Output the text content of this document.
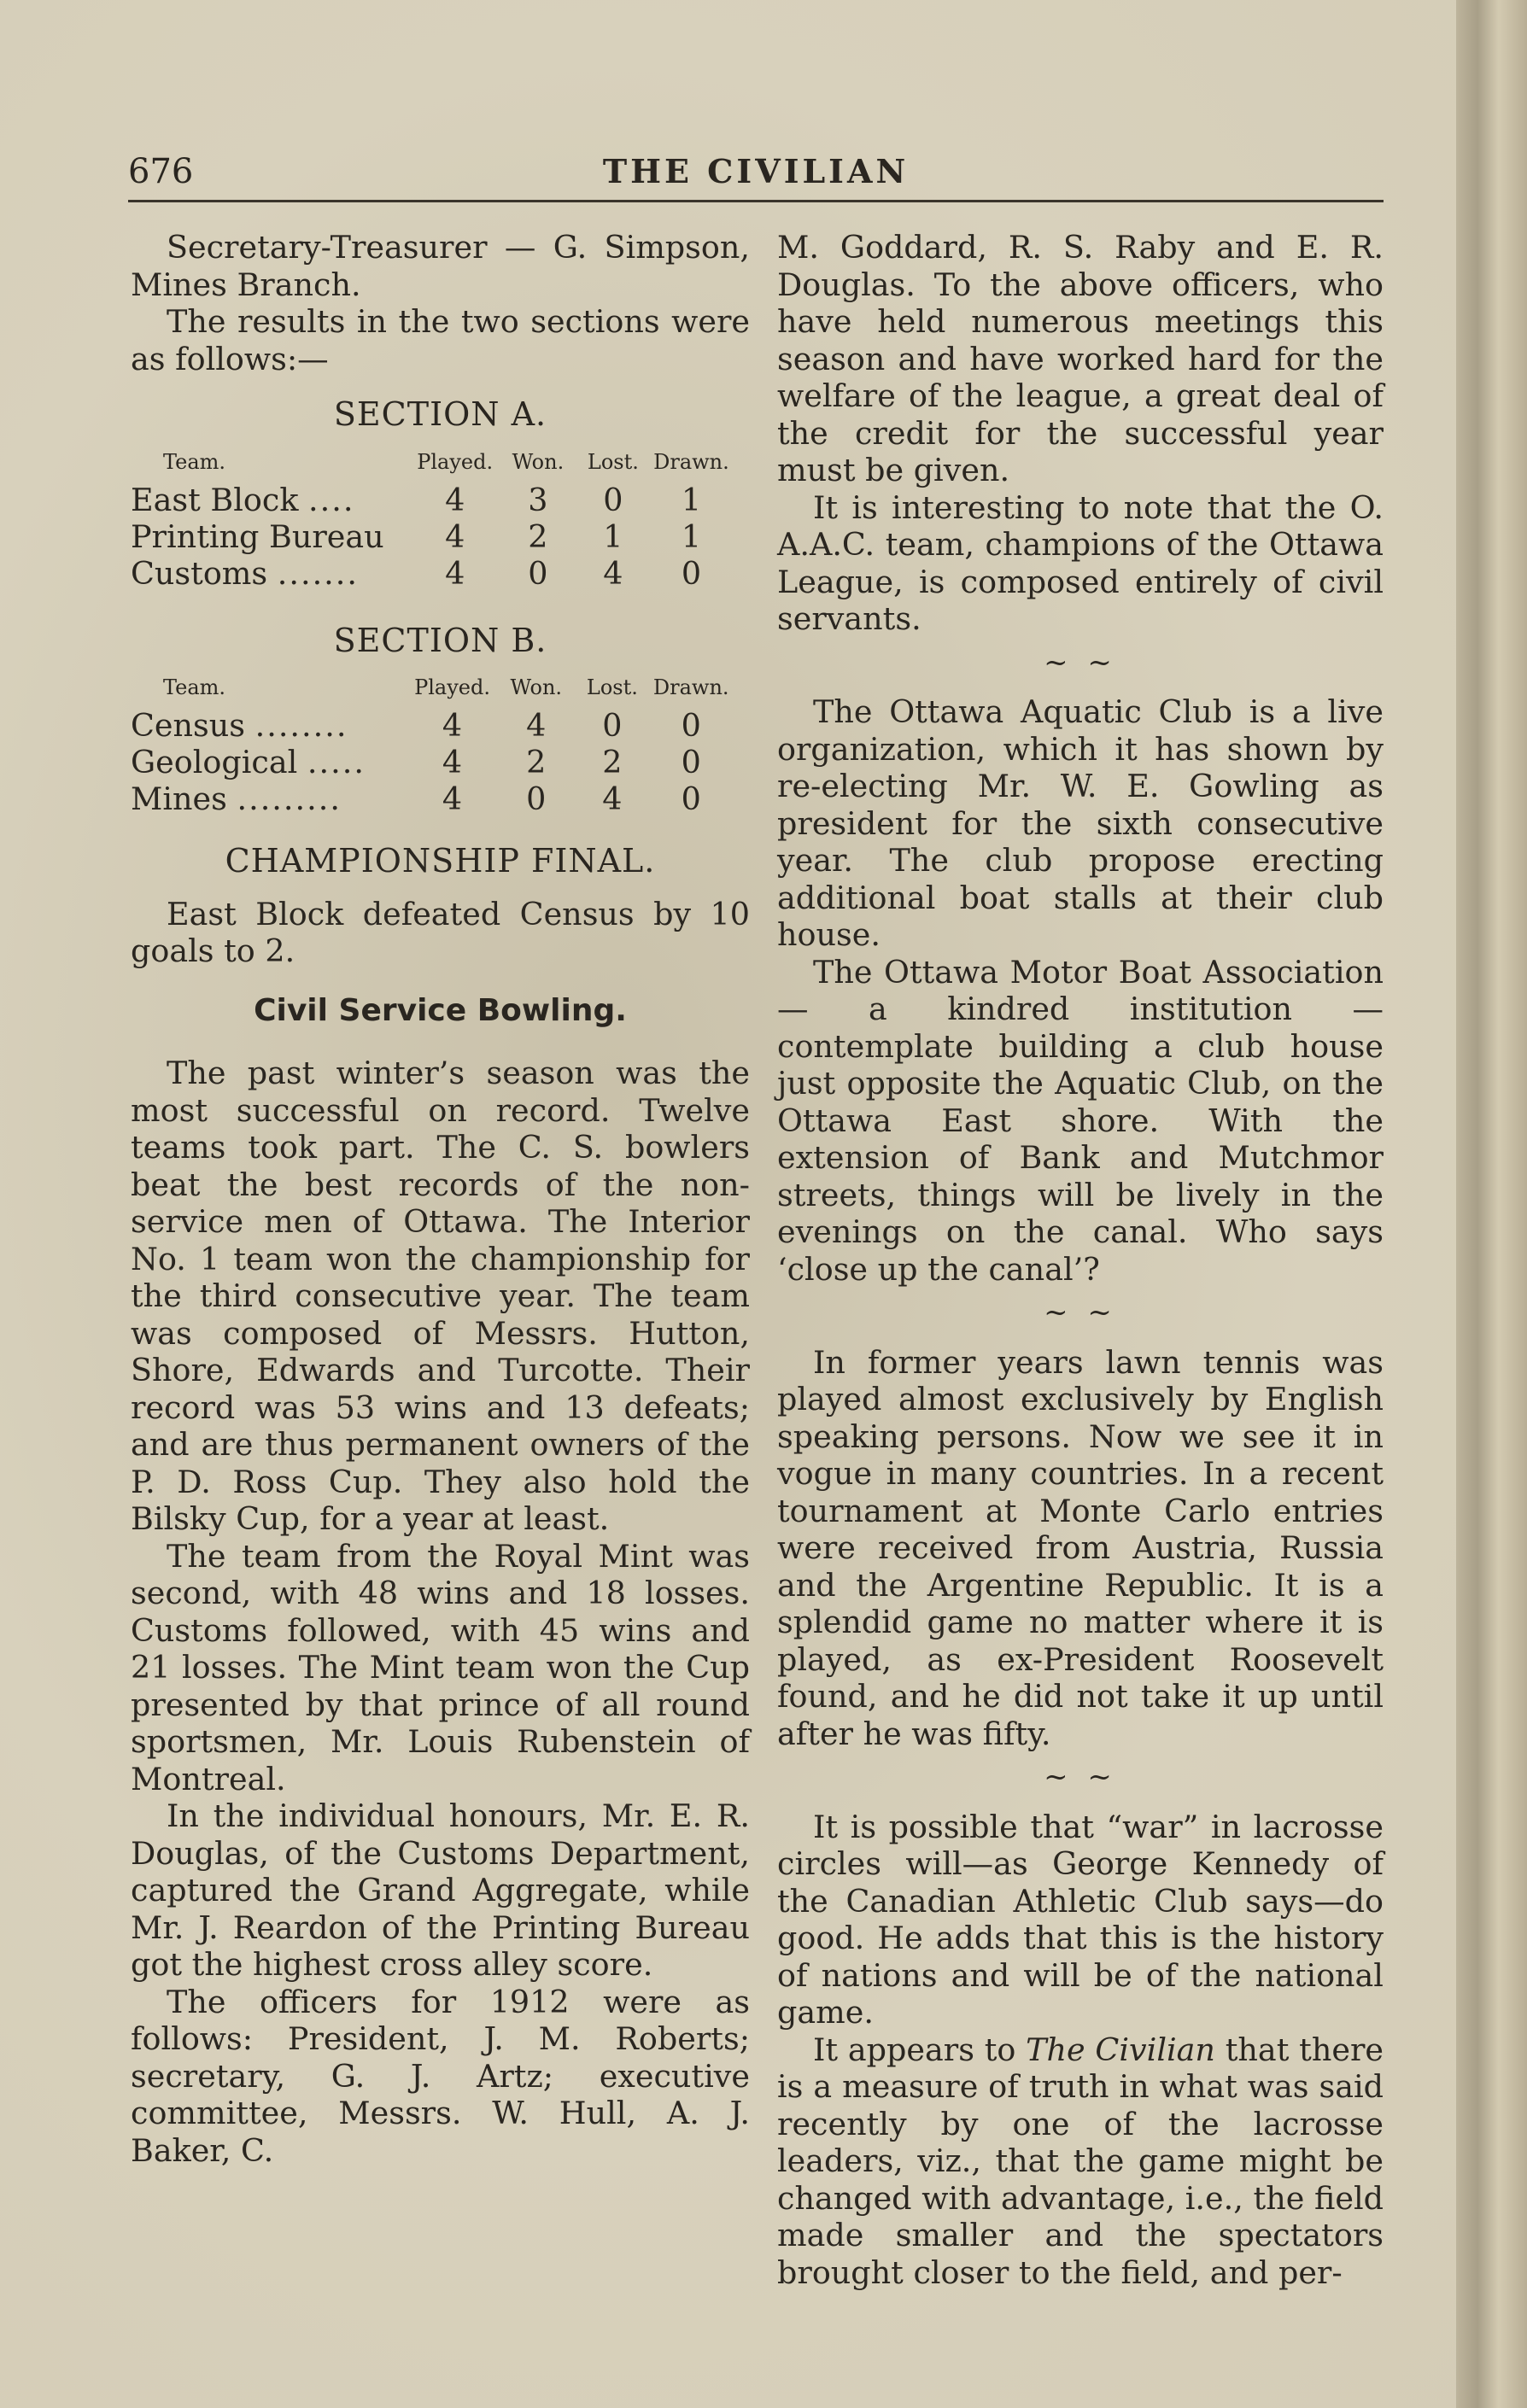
676	THE CIVILIAN

Secretary-Treasurer — G. Simpson, Mines Branch.

The results in the two sections were as follows:—

SECTION A.
Team.	Played.	Won.	Lost.	Drawn.
East Block ....	4	3	0	1
Printing Bureau	4	2	1	1
Customs .......	4	0	4	0
SECTION B.
Team.	Played.	Won.	Lost.	Drawn.
Census ........	4	4	0	0
Geological .....	4	2	2	0
Mines .........	4	0	4	0
CHAMPIONSHIP FINAL.

East Block defeated Census by 10 goals to 2.

Civil Service Bowling.

The past winter’s season was the most successful on record. Twelve teams took part. The C. S. bowlers beat the best records of the non-service men of Ottawa. The Interior No. 1 team won the championship for the third consecutive year. The team was composed of Messrs. Hutton, Shore, Edwards and Turcotte. Their record was 53 wins and 13 defeats; and are thus permanent owners of the P. D. Ross Cup. They also hold the Bilsky Cup, for a year at least.

The team from the Royal Mint was second, with 48 wins and 18 losses. Customs followed, with 45 wins and 21 losses. The Mint team won the Cup presented by that prince of all round sportsmen, Mr. Louis Rubenstein of Montreal.

In the individual honours, Mr. E. R. Douglas, of the Customs Department, captured the Grand Aggregate, while Mr. J. Reardon of the Printing Bureau got the highest cross alley score.

The officers for 1912 were as follows: President, J. M. Roberts; secretary, G. J. Artz; executive committee, Messrs. W. Hull, A. J. Baker, C.

M. Goddard, R. S. Raby and E. R. Douglas. To the above officers, who have held numerous meetings this season and have worked hard for the welfare of the league, a great deal of the credit for the successful year must be given.

It is interesting to note that the O. A.A.C. team, champions of the Ottawa League, is composed entirely of civil servants.

~ ~

The Ottawa Aquatic Club is a live organization, which it has shown by re-electing Mr. W. E. Gowling as president for the sixth consecutive year. The club propose erecting additional boat stalls at their club house.

The Ottawa Motor Boat Association — a kindred institution — contemplate building a club house just opposite the Aquatic Club, on the Ottawa East shore. With the extension of Bank and Mutchmor streets, things will be lively in the evenings on the canal. Who says ‘close up the canal’?

~ ~

In former years lawn tennis was played almost exclusively by English speaking persons. Now we see it in vogue in many countries. In a recent tournament at Monte Carlo entries were received from Austria, Russia and the Argentine Republic. It is a splendid game no matter where it is played, as ex-President Roosevelt found, and he did not take it up until after he was fifty.

~ ~

It is possible that “war” in lacrosse circles will—as George Kennedy of the Canadian Athletic Club says—do good. He adds that this is the history of nations and will be of the national game.

It appears to The Civilian that there is a measure of truth in what was said recently by one of the lacrosse leaders, viz., that the game might be changed with advantage, i.e., the field made smaller and the spectators brought closer to the field, and per-
